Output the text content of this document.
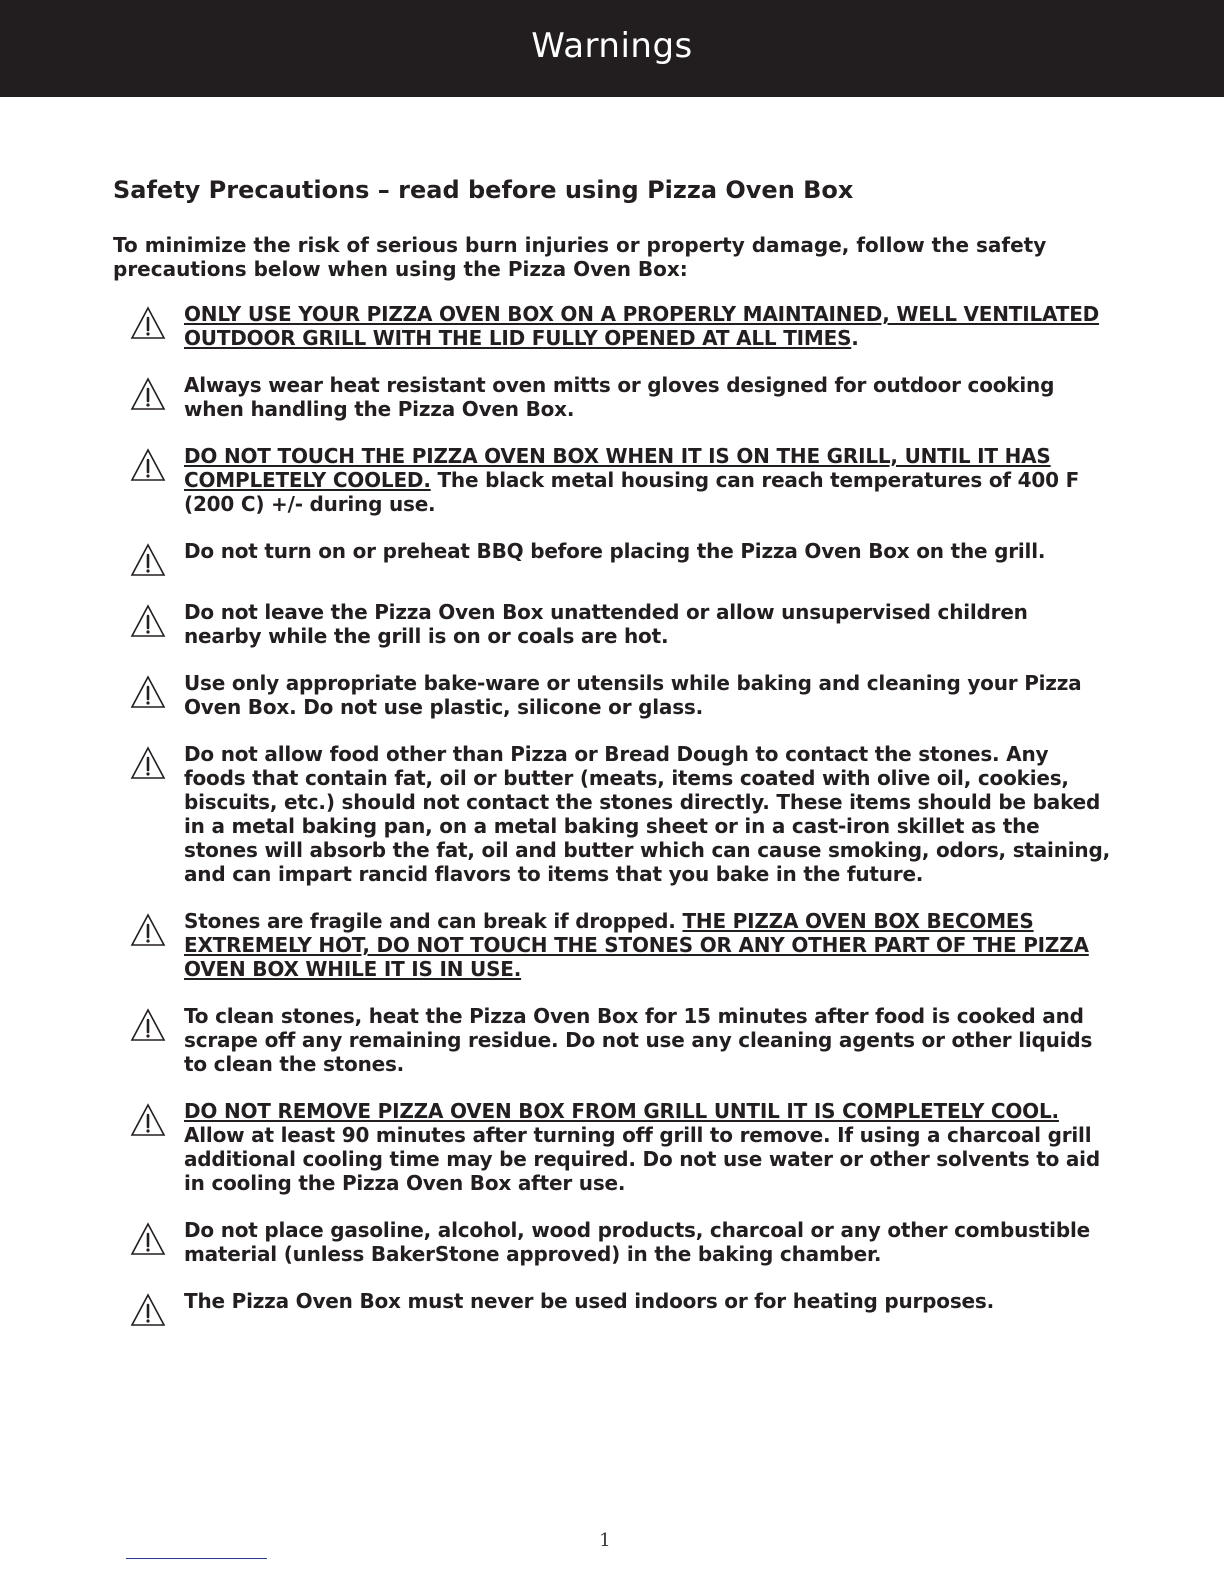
Warnings
Safety Precautions – read before using Pizza Oven Box

To minimize the risk of serious burn injuries or property damage, follow the safety precautions below when using the Pizza Oven Box:

ONLY USE YOUR PIZZA OVEN BOX ON A PROPERLY MAINTAINED, WELL VENTILATED OUTDOOR GRILL WITH THE LID FULLY OPENED AT ALL TIMES.
Always wear heat resistant oven mitts or gloves designed for outdoor cooking when handling the Pizza Oven Box.
DO NOT TOUCH THE PIZZA OVEN BOX WHEN IT IS ON THE GRILL, UNTIL IT HAS COMPLETELY COOLED. The black metal housing can reach temperatures of 400 F (200 C) +/- during use.
Do not turn on or preheat BBQ before placing the Pizza Oven Box on the grill.
Do not leave the Pizza Oven Box unattended or allow unsupervised children nearby while the grill is on or coals are hot.
Use only appropriate bake-ware or utensils while baking and cleaning your Pizza Oven Box. Do not use plastic, silicone or glass.
Do not allow food other than Pizza or Bread Dough to contact the stones. Any foods that contain fat, oil or butter (meats, items coated with olive oil, cookies, biscuits, etc.) should not contact the stones directly. These items should be baked in a metal baking pan, on a metal baking sheet or in a cast-iron skillet as the stones will absorb the fat, oil and butter which can cause smoking, odors, staining, and can impart rancid flavors to items that you bake in the future.
Stones are fragile and can break if dropped. THE PIZZA OVEN BOX BECOMES EXTREMELY HOT, DO NOT TOUCH THE STONES OR ANY OTHER PART OF THE PIZZA OVEN BOX WHILE IT IS IN USE.
To clean stones, heat the Pizza Oven Box for 15 minutes after food is cooked and scrape off any remaining residue. Do not use any cleaning agents or other liquids to clean the stones.
DO NOT REMOVE PIZZA OVEN BOX FROM GRILL UNTIL IT IS COMPLETELY COOL. Allow at least 90 minutes after turning off grill to remove. If using a charcoal grill additional cooling time may be required. Do not use water or other solvents to aid in cooling the Pizza Oven Box after use.
Do not place gasoline, alcohol, wood products, charcoal or any other combustible material (unless BakerStone approved) in the baking chamber.
The Pizza Oven Box must never be used indoors or for heating purposes.
1
